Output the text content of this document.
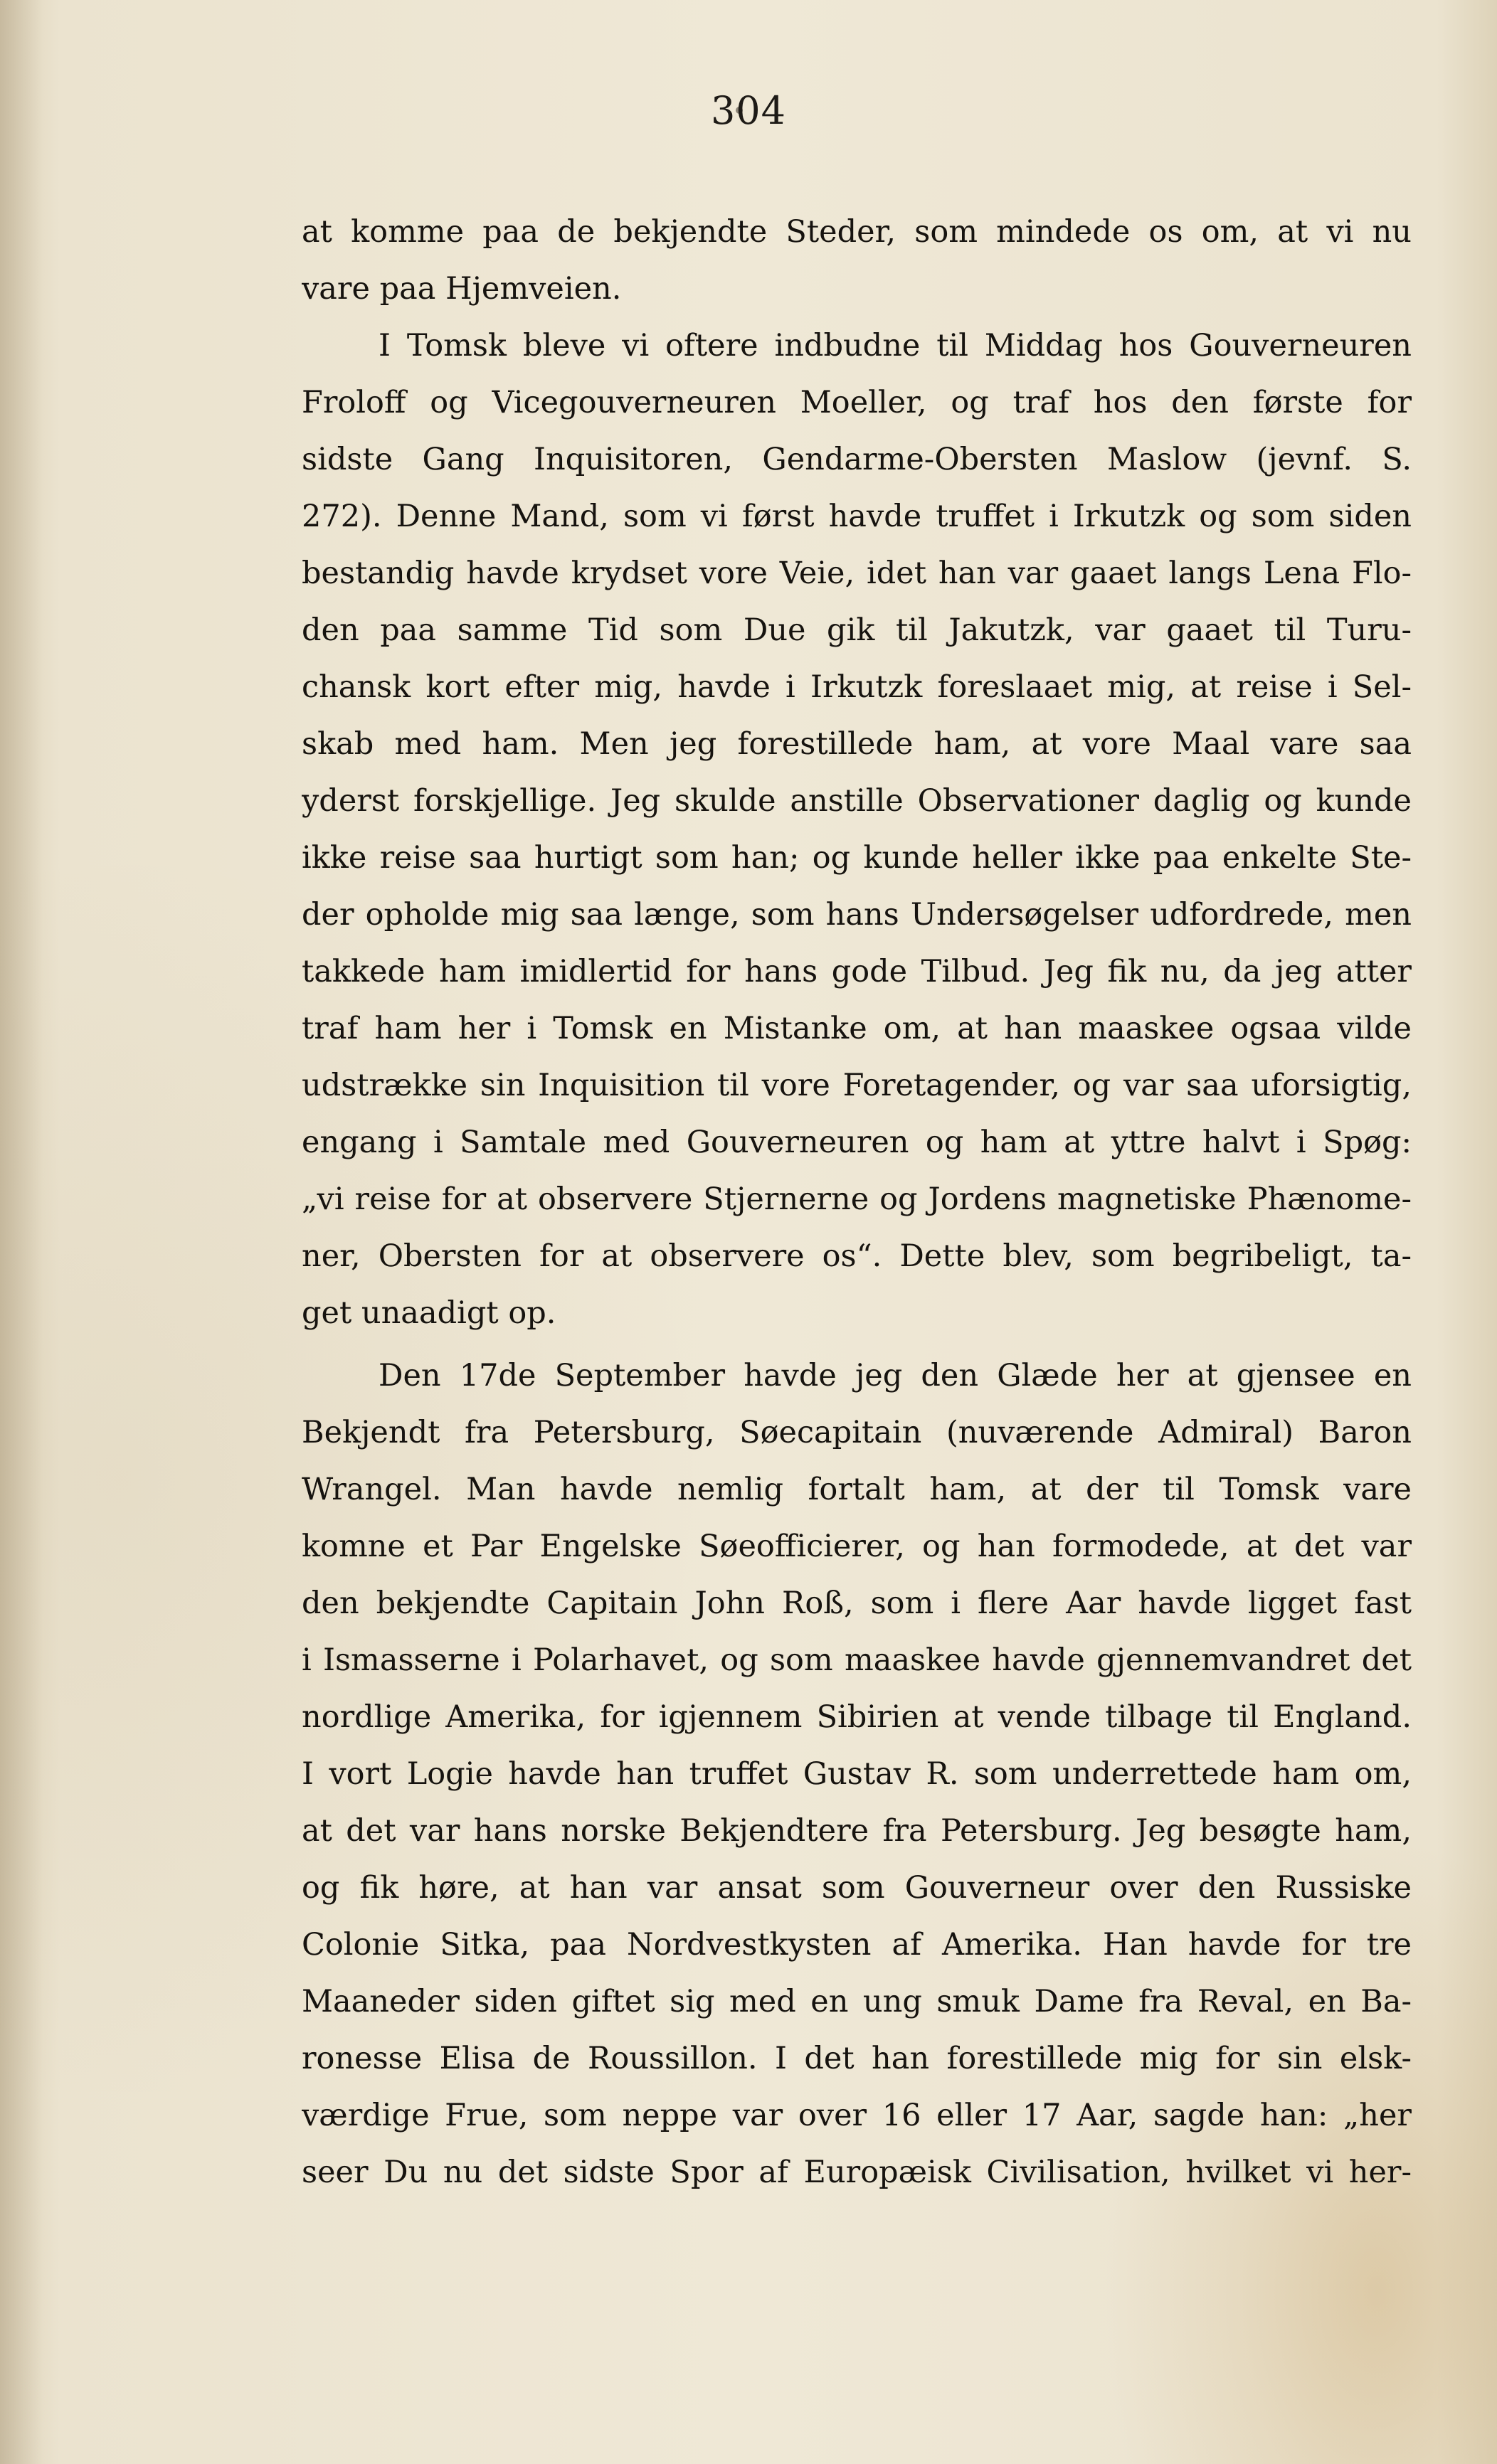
304
at komme paa de bekjendte Steder, som mindede os om, at vi nu
vare paa Hjemveien.
I Tomsk bleve vi oftere indbudne til Middag hos Gouverneuren
Froloff og Vicegouverneuren Moeller, og traf hos den første for
sidste Gang Inquisitoren, Gendarme-Obersten Maslow (jevnf. S.
272). Denne Mand, som vi først havde truffet i Irkutzk og som siden
bestandig havde krydset vore Veie, idet han var gaaet langs Lena Flo-
den paa samme Tid som Due gik til Jakutzk, var gaaet til Turu-
chansk kort efter mig, havde i Irkutzk foreslaaet mig, at reise i Sel-
skab med ham. Men jeg forestillede ham, at vore Maal vare saa
yderst forskjellige. Jeg skulde anstille Observationer daglig og kunde
ikke reise saa hurtigt som han; og kunde heller ikke paa enkelte Ste-
der opholde mig saa længe, som hans Undersøgelser udfordrede, men
takkede ham imidlertid for hans gode Tilbud. Jeg fik nu, da jeg atter
traf ham her i Tomsk en Mistanke om, at han maaskee ogsaa vilde
udstrække sin Inquisition til vore Foretagender, og var saa uforsigtig,
engang i Samtale med Gouverneuren og ham at yttre halvt i Spøg:
„vi reise for at observere Stjernerne og Jordens magnetiske Phænome-
ner, Obersten for at observere os“. Dette blev, som begribeligt, ta-
get unaadigt op.
Den 17de September havde jeg den Glæde her at gjensee en
Bekjendt fra Petersburg, Søecapitain (nuværende Admiral) Baron
Wrangel. Man havde nemlig fortalt ham, at der til Tomsk vare
komne et Par Engelske Søeofficierer, og han formodede, at det var
den bekjendte Capitain John Roß, som i flere Aar havde ligget fast
i Ismasserne i Polarhavet, og som maaskee havde gjennemvandret det
nordlige Amerika, for igjennem Sibirien at vende tilbage til England.
I vort Logie havde han truffet Gustav R. som underrettede ham om,
at det var hans norske Bekjendtere fra Petersburg. Jeg besøgte ham,
og fik høre, at han var ansat som Gouverneur over den Russiske
Colonie Sitka, paa Nordvestkysten af Amerika. Han havde for tre
Maaneder siden giftet sig med en ung smuk Dame fra Reval, en Ba-
ronesse Elisa de Roussillon. I det han forestillede mig for sin elsk-
værdige Frue, som neppe var over 16 eller 17 Aar, sagde han: „her
seer Du nu det sidste Spor af Europæisk Civilisation, hvilket vi her-
